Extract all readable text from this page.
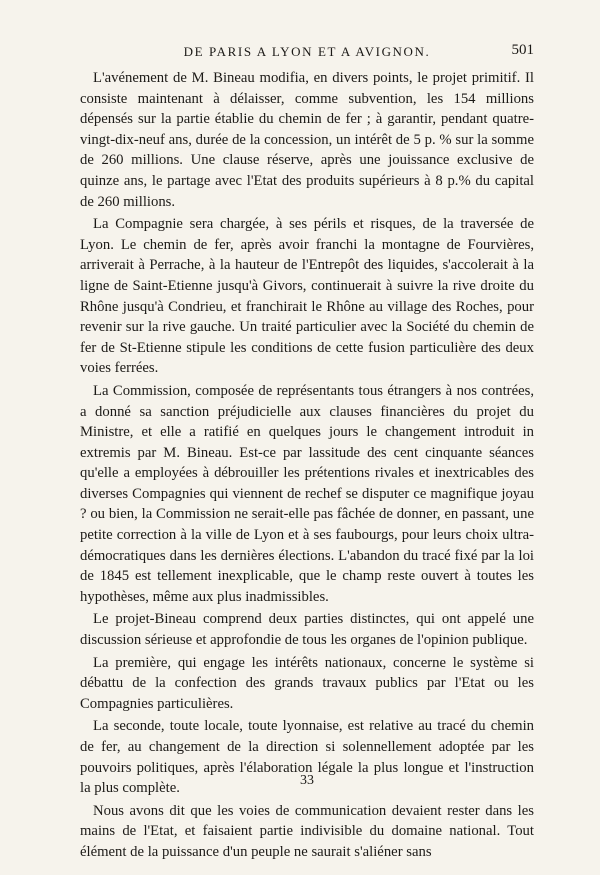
DE PARIS A LYON ET A AVIGNON.	501

L'avénement de M. Bineau modifia, en divers points, le projet primitif. Il consiste maintenant à délaisser, comme subvention, les 154 millions dépensés sur la partie établie du chemin de fer ; à garantir, pendant quatre-vingt-dix-neuf ans, durée de la concession, un intérêt de 5 p. % sur la somme de 260 millions. Une clause réserve, après une jouissance exclusive de quinze ans, le partage avec l'Etat des produits supérieurs à 8 p.% du capital de 260 millions.

La Compagnie sera chargée, à ses périls et risques, de la traversée de Lyon. Le chemin de fer, après avoir franchi la montagne de Fourvières, arriverait à Perrache, à la hauteur de l'Entrepôt des liquides, s'accolerait à la ligne de Saint-Etienne jusqu'à Givors, continuerait à suivre la rive droite du Rhône jusqu'à Condrieu, et franchirait le Rhône au village des Roches, pour revenir sur la rive gauche. Un traité particulier avec la Société du chemin de fer de St-Etienne stipule les conditions de cette fusion particulière des deux voies ferrées.

La Commission, composée de représentants tous étrangers à nos contrées, a donné sa sanction préjudicielle aux clauses financières du projet du Ministre, et elle a ratifié en quelques jours le changement introduit in extremis par M. Bineau. Est-ce par lassitude des cent cinquante séances qu'elle a employées à débrouiller les prétentions rivales et inextricables des diverses Compagnies qui viennent de rechef se disputer ce magnifique joyau ? ou bien, la Commission ne serait-elle pas fâchée de donner, en passant, une petite correction à la ville de Lyon et à ses faubourgs, pour leurs choix ultra-démocratiques dans les dernières élections. L'abandon du tracé fixé par la loi de 1845 est tellement inexplicable, que le champ reste ouvert à toutes les hypothèses, même aux plus inadmissibles.

Le projet-Bineau comprend deux parties distinctes, qui ont appelé une discussion sérieuse et approfondie de tous les organes de l'opinion publique.

La première, qui engage les intérêts nationaux, concerne le système si débattu de la confection des grands travaux publics par l'Etat ou les Compagnies particulières.

La seconde, toute locale, toute lyonnaise, est relative au tracé du chemin de fer, au changement de la direction si solennellement adoptée par les pouvoirs politiques, après l'élaboration légale la plus longue et l'instruction la plus complète.

Nous avons dit que les voies de communication devaient rester dans les mains de l'Etat, et faisaient partie indivisible du domaine national. Tout élément de la puissance d'un peuple ne saurait s'aliéner sans

33
